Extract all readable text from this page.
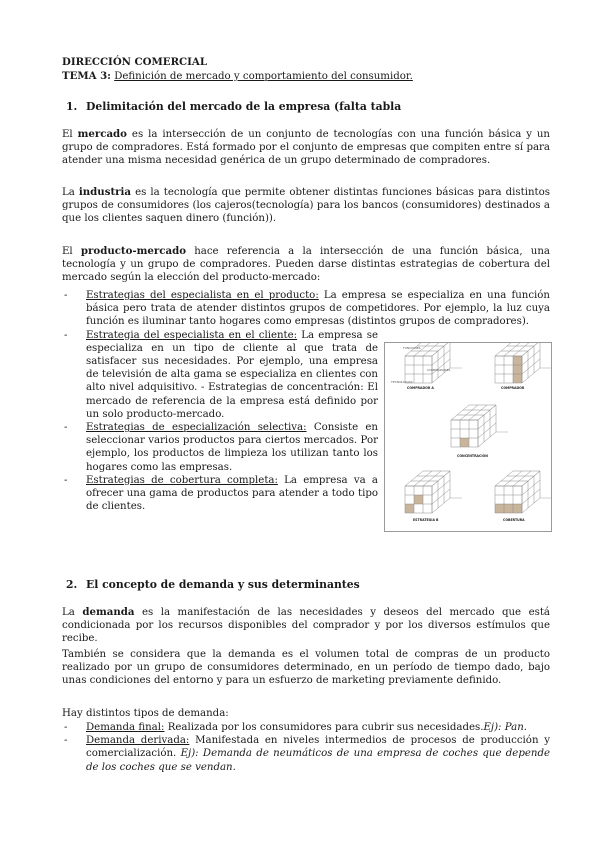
DIRECCIÓN COMERCIAL
TEMA 3: Definición de mercado y comportamiento del consumidor.
1. Delimitación del mercado de la empresa (falta tabla
El mercado es la intersección de un conjunto de tecnologías con una función básica y un grupo de compradores. Está formado por el conjunto de empresas que compiten entre sí para atender una misma necesidad genérica de un grupo determinado de compradores.
La industria es la tecnología que permite obtener distintas funciones básicas para distintos grupos de consumidores (los cajeros(tecnología) para los bancos (consumidores) destinados a que los clientes saquen dinero (función)).
El producto-mercado hace referencia a la intersección de una función básica, una tecnología y un grupo de compradores. Pueden darse distintas estrategias de cobertura del mercado según la elección del producto-mercado:
- Estrategias del especialista en el producto: La empresa se especializa en una función básica pero trata de atender distintos grupos de competidores. Por ejemplo, la luz cuya función es iluminar tanto hogares como empresas (distintos grupos de compradores).
- Estrategia del especialista en el cliente: La empresa se especializa en un tipo de cliente al que trata de satisfacer sus necesidades. Por ejemplo, una empresa de televisión de alta gama se especializa en clientes con alto nivel adquisitivo. - Estrategias de concentración: El mercado de referencia de la empresa está definido por un solo producto-mercado.
- Estrategias de especialización selectiva: Consiste en seleccionar varios productos para ciertos mercados. Por ejemplo, los productos de limpieza los utilizan tanto los hogares como las empresas.
- Estrategias de cobertura completa: La empresa va a ofrecer una gama de productos para atender a todo tipo de clientes.
FUNCIONES
COMPRADORES
TECNOLOGÍAS
COMPRADOR A	COMPRADOR
CONCENTRACIÓN
ESTRATEGIA B	COBERTURA
2. El concepto de demanda y sus determinantes
La demanda es la manifestación de las necesidades y deseos del mercado que está condicionada por los recursos disponibles del comprador y por los diversos estímulos que recibe.
También se considera que la demanda es el volumen total de compras de un producto realizado por un grupo de consumidores determinado, en un período de tiempo dado, bajo unas condiciones del entorno y para un esfuerzo de marketing previamente definido.
Hay distintos tipos de demanda:
- Demanda final: Realizada por los consumidores para cubrir sus necesidades.Ej): Pan.
- Demanda derivada: Manifestada en niveles intermedios de procesos de producción y comercialización. Ej): Demanda de neumáticos de una empresa de coches que depende de los coches que se vendan.
